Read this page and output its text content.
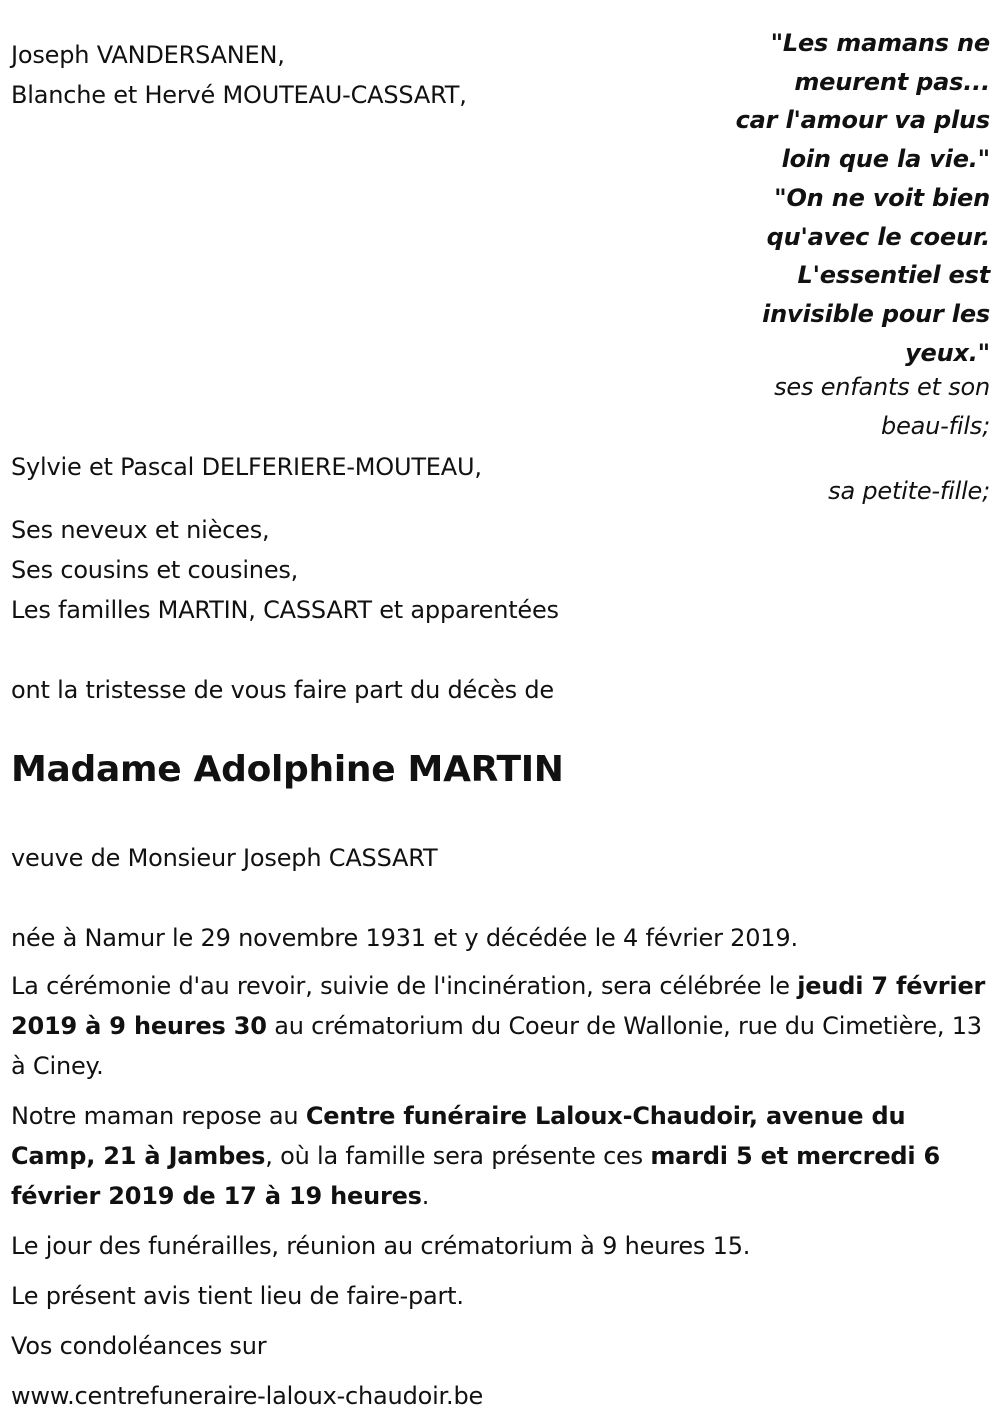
Joseph VANDERSANEN,
Blanche et Hervé MOUTEAU-CASSART,
"Les mamans ne
meurent pas...
car l'amour va plus
loin que la vie."
"On ne voit bien
qu'avec le coeur.
L'essentiel est
invisible pour les
yeux."
ses enfants et son
beau-fils;
Sylvie et Pascal DELFERIERE-MOUTEAU,
sa petite-fille;
Ses neveux et nièces,
Ses cousins et cousines,
Les familles MARTIN, CASSART et apparentées
ont la tristesse de vous faire part du décès de
Madame Adolphine MARTIN
veuve de Monsieur Joseph CASSART
née à Namur le 29 novembre 1931 et y décédée le 4 février 2019.
La cérémonie d'au revoir, suivie de l'incinération, sera célébrée le jeudi 7 février 2019 à 9 heures 30 au crématorium du Coeur de Wallonie, rue du Cimetière, 13 à Ciney.
Notre maman repose au Centre funéraire Laloux-Chaudoir, avenue du Camp, 21 à Jambes, où la famille sera présente ces mardi 5 et mercredi 6 février 2019 de 17 à 19 heures.
Le jour des funérailles, réunion au crématorium à 9 heures 15.
Le présent avis tient lieu de faire-part.
Vos condoléances sur
www.centrefuneraire-laloux-chaudoir.be
